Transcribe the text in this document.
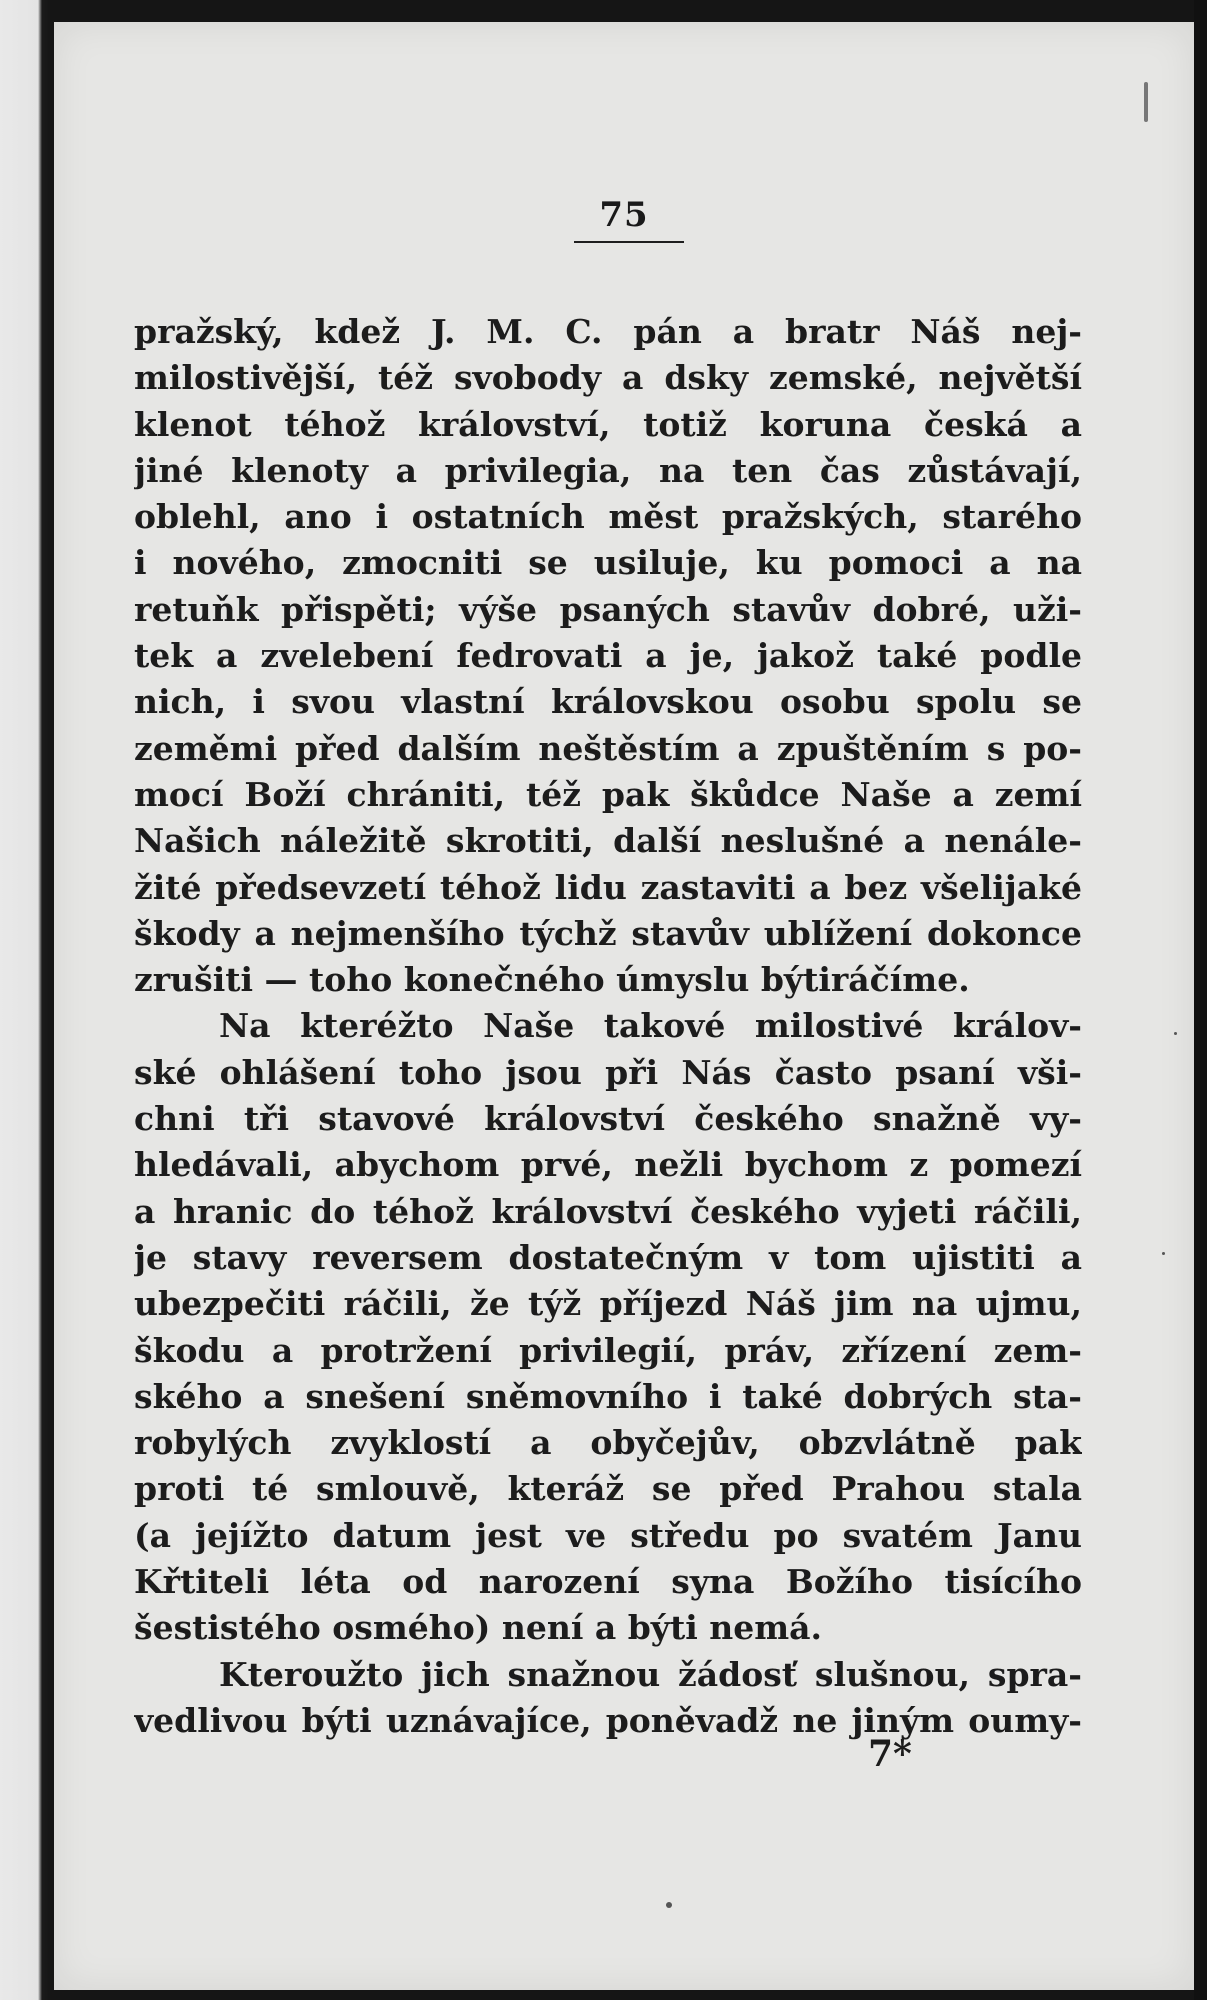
75
pražský, kdež J. M. C. pán a bratr Náš nej-
milostivější, též svobody a dsky zemské, největší
klenot téhož království, totiž koruna česká a
jiné klenoty a privilegia, na ten čas zůstávají,
oblehl, ano i ostatních měst pražských, starého
i nového, zmocniti se usiluje, ku pomoci a na
retuňk přispěti; výše psaných stavův dobré, uži-
tek a zvelebení fedrovati a je, jakož také podle
nich, i svou vlastní královskou osobu spolu se
zeměmi před dalším neštěstím a zpuštěním s po-
mocí Boží chrániti, též pak škůdce Naše a zemí
Našich náležitě skrotiti, další neslušné a nenále-
žité předsevzetí téhož lidu zastaviti a bez všelijaké
škody a nejmenšího týchž stavův ublížení dokonce
zrušiti — toho konečného úmyslu býtiráčíme.
Na kteréžto Naše takové milostivé králov-
ské ohlášení toho jsou při Nás často psaní vši-
chni tři stavové království českého snažně vy-
hledávali, abychom prvé, nežli bychom z pomezí
a hranic do téhož království českého vyjeti ráčili,
je stavy reversem dostatečným v tom ujistiti a
ubezpečiti ráčili, že týž příjezd Náš jim na ujmu,
škodu a protržení privilegií, práv, zřízení zem-
ského a snešení sněmovního i také dobrých sta-
robylých zvyklostí a obyčejův, obzvlátně pak
proti té smlouvě, kteráž se před Prahou stala
(a jejížto datum jest ve středu po svatém Janu
Křtiteli léta od narození syna Božího tisícího
šestistého osmého) není a býti nemá.
Kteroužto jich snažnou žádosť slušnou, spra-
vedlivou býti uznávajíce, poněvadž ne jiným oumy-
7*
